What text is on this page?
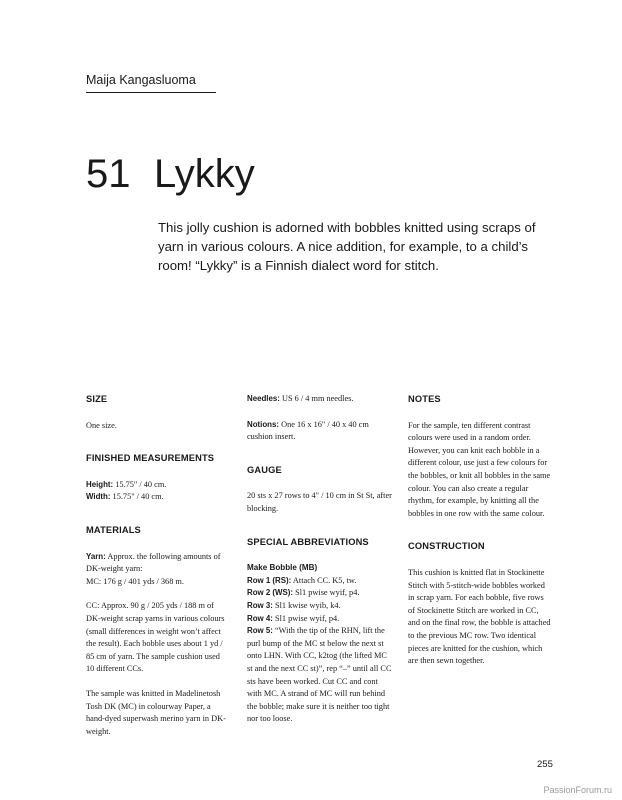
Maija Kangasluoma
51 Lykky

This jolly cushion is adorned with bobbles knitted using scraps of yarn in various colours. A nice addition, for example, to a child’s room! “Lykky” is a Finnish dialect word for stitch.

SIZE

One size.

FINISHED MEASUREMENTS

Height: 15.75" / 40 cm.

Width: 15.75" / 40 cm.

MATERIALS

Yarn: Approx. the following amounts of DK-weight yarn:

MC: 176 g / 401 yds / 368 m.

CC: Approx. 90 g / 205 yds / 188 m of DK-weight scrap yarns in various colours (small differences in weight won’t affect the result). Each bobble uses about 1 yd / 85 cm of yarn. The sample cushion used 10 different CCs.

The sample was knitted in Madelinetosh Tosh DK (MC) in colourway Paper, a hand-dyed superwash merino yarn in DK-weight.

Needles: US 6 / 4 mm needles.

Notions: One 16 x 16" / 40 x 40 cm cushion insert.

GAUGE

20 sts x 27 rows to 4" / 10 cm in St St, after blocking.

SPECIAL ABBREVIATIONS

Make Bobble (MB)

Row 1 (RS): Attach CC. K5, tw.

Row 2 (WS): Sl1 pwise wyif, p4.

Row 3: Sl1 kwise wyib, k4.

Row 4: Sl1 pwise wyif, p4.

Row 5: “With the tip of the RHN, lift the purl bump of the MC st below the next st onto LHN. With CC, k2tog (the lifted MC st and the next CC st)”, rep “–” until all CC sts have been worked. Cut CC and cont with MC. A strand of MC will run behind the bobble; make sure it is neither too tight nor too loose.

NOTES

For the sample, ten different contrast colours were used in a random order. However, you can knit each bobble in a different colour, use just a few colours for the bobbles, or knit all bobbles in the same colour. You can also create a regular rhythm, for example, by knitting all the bobbles in one row with the same colour.

CONSTRUCTION

This cushion is knitted flat in Stockinette Stitch with 5-stitch-wide bobbles worked in scrap yarn. For each bobble, five rows of Stockinette Stitch are worked in CC, and on the final row, the bobble is attached to the previous MC row. Two identical pieces are knitted for the cushion, which are then sewn together.

255
PassionForum.ru
